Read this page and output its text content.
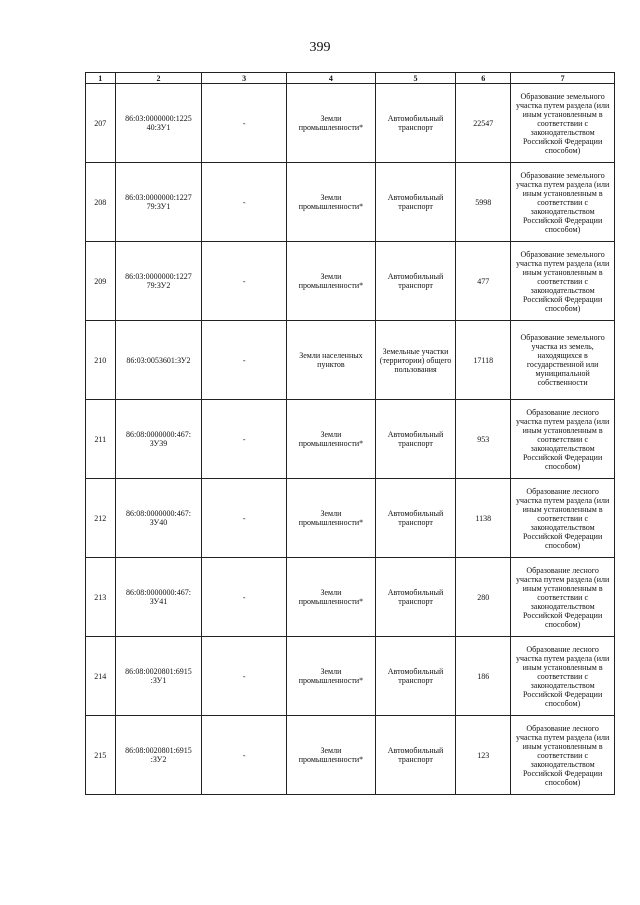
399
1	2	3	4	5	6	7
207	86:03:0000000:1225 40:ЗУ1	-	Земли промышленности*	Автомобильный транспорт	22547	Образование земельного участка путем раздела (или иным установленным в соответствии с законодательством Российской Федерации способом)
208	86:03:0000000:1227 79:ЗУ1	-	Земли промышленности*	Автомобильный транспорт	5998	Образование земельного участка путем раздела (или иным установленным в соответствии с законодательством Российской Федерации способом)
209	86:03:0000000:1227 79:ЗУ2	-	Земли промышленности*	Автомобильный транспорт	477	Образование земельного участка путем раздела (или иным установленным в соответствии с законодательством Российской Федерации способом)
210	86:03:0053601:ЗУ2	-	Земли населенных пунктов	Земельные участки (территории) общего пользования	17118	Образование земельного участка из земель, находящихся в государственной или муниципальной собственности
211	86:08:0000000:467: ЗУ39	-	Земли промышленности*	Автомобильный транспорт	953	Образование лесного участка путем раздела (или иным установленным в соответствии с законодательством Российской Федерации способом)
212	86:08:0000000:467: ЗУ40	-	Земли промышленности*	Автомобильный транспорт	1138	Образование лесного участка путем раздела (или иным установленным в соответствии с законодательством Российской Федерации способом)
213	86:08:0000000:467: ЗУ41	-	Земли промышленности*	Автомобильный транспорт	280	Образование лесного участка путем раздела (или иным установленным в соответствии с законодательством Российской Федерации способом)
214	86:08:0020801:6915 :ЗУ1	-	Земли промышленности*	Автомобильный транспорт	186	Образование лесного участка путем раздела (или иным установленным в соответствии с законодательством Российской Федерации способом)
215	86:08:0020801:6915 :ЗУ2	-	Земли промышленности*	Автомобильный транспорт	123	Образование лесного участка путем раздела (или иным установленным в соответствии с законодательством Российской Федерации способом)
